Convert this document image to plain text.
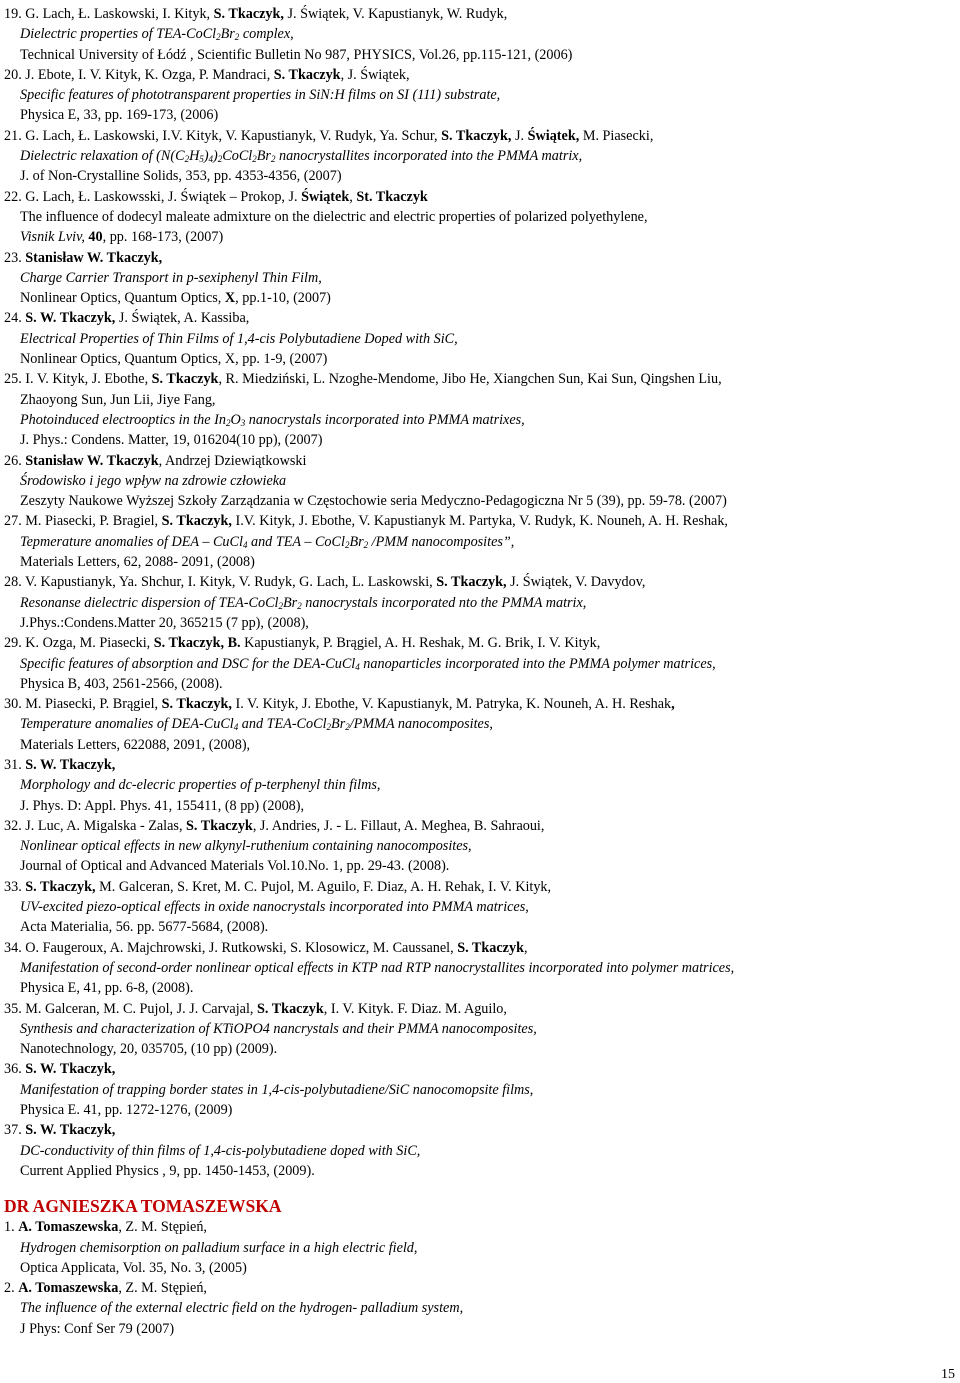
19. G. Lach, Ł. Laskowski, I. Kityk, S. Tkaczyk, J. Świątek, V. Kapustianyk, W. Rudyk,
Dielectric properties of TEA-$CoCl_2Br_2$ complex,
Technical University of Łódź , Scientific Bulletin No 987, PHYSICS, Vol.26, pp.115-121, (2006)
20. J. Ebote, I. V. Kityk, K. Ozga, P. Mandraci, S. Tkaczyk, J. Świątek,
Specific features of phototransparent properties in SiN:H films on SI (111) substrate,
Physica E, 33, pp. 169-173, (2006)
21. G. Lach, Ł. Laskowski, I.V. Kityk, V. Kapustianyk, V. Rudyk, Ya. Schur, S. Tkaczyk, J. Świątek, M. Piasecki,
Dielectric relaxation of $(N(C_2H_5)_4)_2CoCl_2Br_2$ nanocrystallites incorporated into the PMMA matrix,
J. of Non-Crystalline Solids, 353, pp. 4353-4356, (2007)
22. G. Lach, Ł. Laskowsski, J. Świątek – Prokop, J. Świątek, St. Tkaczyk
The influence of dodecyl maleate admixture on the dielectric and electric properties of polarized polyethylene,
Visnik Lviv, 40, pp. 168-173, (2007)
23. Stanisław W. Tkaczyk,
Charge Carrier Transport in p-sexiphenyl Thin Film,
Nonlinear Optics, Quantum Optics, X, pp.1-10, (2007)
24. S. W. Tkaczyk, J. Świątek, A. Kassiba,
Electrical Properties of Thin Films of 1,4-cis Polybutadiene Doped with SiC,
Nonlinear Optics, Quantum Optics, X, pp. 1-9, (2007)
25. I. V. Kityk, J. Ebothe, S. Tkaczyk, R. Miedziński, L. Nzoghe-Mendome, Jibo He, Xiangchen Sun, Kai Sun, Qingshen Liu,
Zhaoyong Sun, Jun Lii, Jiye Fang,
Photoinduced electrooptics in the $In_2O_3$ nanocrystals incorporated into PMMA matrixes,
J. Phys.: Condens. Matter, 19, 016204(10 pp), (2007)
26. Stanisław W. Tkaczyk, Andrzej Dziewiątkowski
Środowisko i jego wpływ na zdrowie człowieka
Zeszyty Naukowe Wyższej Szkoły Zarządzania w Częstochowie seria Medyczno-Pedagogiczna Nr 5 (39), pp. 59-78. (2007)
27. M. Piasecki, P. Bragiel, S. Tkaczyk, I.V. Kityk, J. Ebothe, V. Kapustianyk M. Partyka, V. Rudyk, K. Nouneh, A. H. Reshak,
Tepmerature anomalies of DEA – CuCl$_4$ and TEA – $CoCl_2Br_2$ /PMM nanocomposites”,
Materials Letters, 62, 2088- 2091, (2008)
28. V. Kapustianyk, Ya. Shchur, I. Kityk, V. Rudyk, G. Lach, L. Laskowski, S. Tkaczyk, J. Świątek, V. Davydov,
Resonanse dielectric dispersion of TEA-$CoCl_2Br_2$ nanocrystals incorporated nto the PMMA matrix,
J.Phys.:Condens.Matter 20, 365215 (7 pp), (2008),
29. K. Ozga, M. Piasecki, S. Tkaczyk, B. Kapustianyk, P. Brągiel, A. H. Reshak, M. G. Brik, I. V. Kityk,
Specific features of absorption and DSC for the DEA-CuCl$_4$ nanoparticles incorporated into the PMMA polymer matrices,
Physica B, 403, 2561-2566, (2008).
30. M. Piasecki, P. Brągiel, S. Tkaczyk, I. V. Kityk, J. Ebothe, V. Kapustianyk, M. Patryka, K. Nouneh, A. H. Reshak,
Temperature anomalies of DEA-CuCl$_4$ and TEA-$CoCl_2Br_2$/PMMA nanocomposites,
Materials Letters, 622088, 2091, (2008),
31. S. W. Tkaczyk,
Morphology and dc-elecric properties of p-terphenyl thin films,
J. Phys. D: Appl. Phys. 41, 155411, (8 pp) (2008),
32. J. Luc, A. Migalska - Zalas, S. Tkaczyk, J. Andries, J. - L. Fillaut, A. Meghea, B. Sahraoui,
Nonlinear optical effects in new alkynyl-ruthenium containing nanocomposites,
Journal of Optical and Advanced Materials Vol.10.No. 1, pp. 29-43. (2008).
33. S. Tkaczyk, M. Galceran, S. Kret, M. C. Pujol, M. Aguilo, F. Diaz, A. H. Rehak, I. V. Kityk,
UV-excited piezo-optical effects in oxide nanocrystals incorporated into PMMA matrices,
Acta Materialia, 56. pp. 5677-5684, (2008).
34. O. Faugeroux, A. Majchrowski, J. Rutkowski, S. Klosowicz, M. Caussanel, S. Tkaczyk,
Manifestation of second-order nonlinear optical effects in KTP nad RTP nanocrystallites incorporated into polymer matrices,
Physica E, 41, pp. 6-8, (2008).
35. M. Galceran, M. C. Pujol, J. J. Carvajal, S. Tkaczyk, I. V. Kityk. F. Diaz. M. Aguilo,
Synthesis and characterization of KTiOPO4 nancrystals and their PMMA nanocomposites,
Nanotechnology, 20, 035705, (10 pp) (2009).
36. S. W. Tkaczyk,
Manifestation of trapping border states in 1,4-cis-polybutadiene/SiC nanocomopsite films,
Physica E. 41, pp. 1272-1276, (2009)
37. S. W. Tkaczyk,
DC-conductivity of thin films of 1,4-cis-polybutadiene doped with SiC,
Current Applied Physics , 9, pp. 1450-1453, (2009).
DR AGNIESZKA TOMASZEWSKA
1. A. Tomaszewska, Z. M. Stępień,
Hydrogen chemisorption on palladium surface in a high electric field,
Optica Applicata, Vol. 35, No. 3, (2005)
2. A. Tomaszewska, Z. M. Stępień,
The influence of the external electric field on the hydrogen- palladium system,
J Phys: Conf Ser 79 (2007)
15
